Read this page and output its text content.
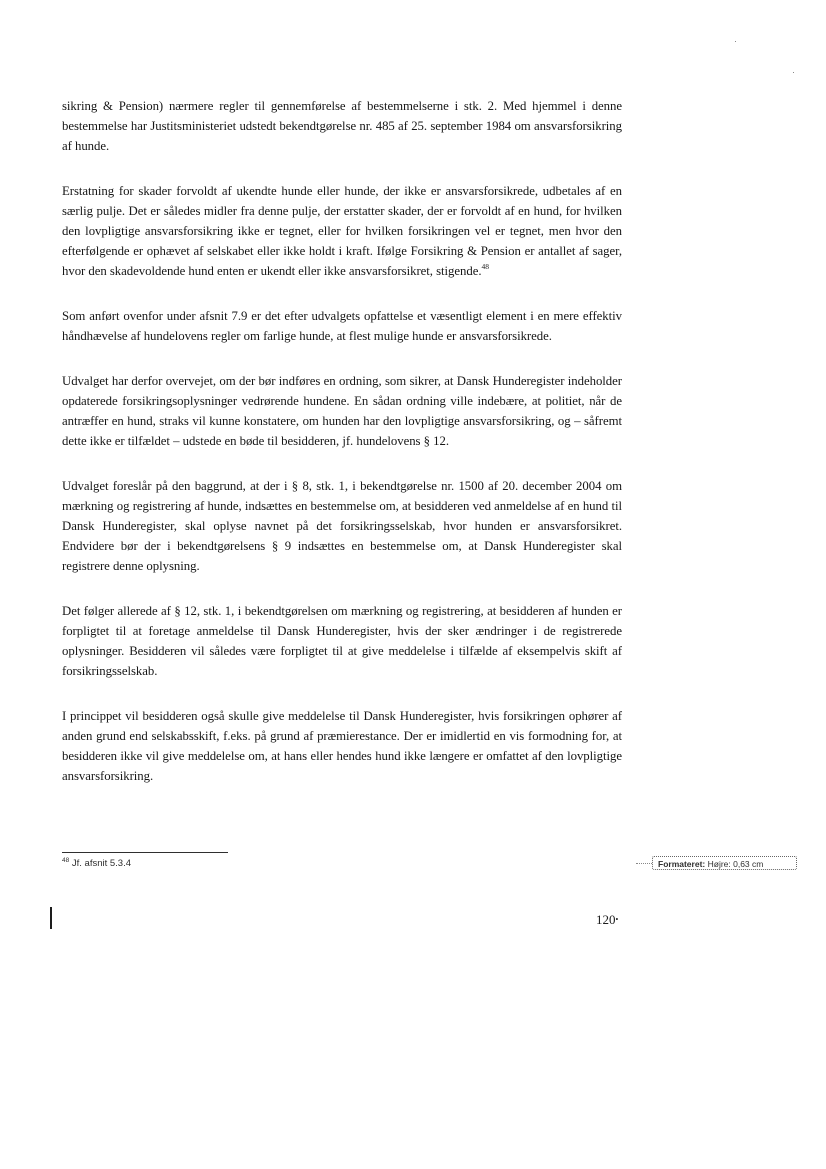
sikring & Pension) nærmere regler til gennemførelse af bestemmelserne i stk. 2. Med hjemmel i denne bestemmelse har Justitsministeriet udstedt bekendtgørelse nr. 485 af 25. september 1984 om ansvarsforsikring af hunde.

Erstatning for skader forvoldt af ukendte hunde eller hunde, der ikke er ansvarsforsikrede, udbetales af en særlig pulje. Det er således midler fra denne pulje, der erstatter skader, der er forvoldt af en hund, for hvilken den lovpligtige ansvarsforsikring ikke er tegnet, eller for hvilken forsikringen vel er tegnet, men hvor den efterfølgende er ophævet af selskabet eller ikke holdt i kraft. Ifølge Forsikring & Pension er antallet af sager, hvor den skadevoldende hund enten er ukendt eller ikke ansvarsforsikret, stigende.$^{48}$

Som anført ovenfor under afsnit 7.9 er det efter udvalgets opfattelse et væsentligt element i en mere effektiv håndhævelse af hundelovens regler om farlige hunde, at flest mulige hunde er ansvarsforsikrede.

Udvalget har derfor overvejet, om der bør indføres en ordning, som sikrer, at Dansk Hunderegister indeholder opdaterede forsikringsoplysninger vedrørende hundene. En sådan ordning ville indebære, at politiet, når de antræffer en hund, straks vil kunne konstatere, om hunden har den lovpligtige ansvarsforsikring, og – såfremt dette ikke er tilfældet – udstede en bøde til besidderen, jf. hundelovens § 12.

Udvalget foreslår på den baggrund, at der i § 8, stk. 1, i bekendtgørelse nr. 1500 af 20. december 2004 om mærkning og registrering af hunde, indsættes en bestemmelse om, at besidderen ved anmeldelse af en hund til Dansk Hunderegister, skal oplyse navnet på det forsikringsselskab, hvor hunden er ansvarsforsikret. Endvidere bør der i bekendtgørelsens § 9 indsættes en bestemmelse om, at Dansk Hunderegister skal registrere denne oplysning.

Det følger allerede af § 12, stk. 1, i bekendtgørelsen om mærkning og registrering, at besidderen af hunden er forpligtet til at foretage anmeldelse til Dansk Hunderegister, hvis der sker ændringer i de registrerede oplysninger. Besidderen vil således være forpligtet til at give meddelelse i tilfælde af eksempelvis skift af forsikringsselskab.

I princippet vil besidderen også skulle give meddelelse til Dansk Hunderegister, hvis forsikringen ophører af anden grund end selskabsskift, f.eks. på grund af præmierestance. Der er imidlertid en vis formodning for, at besidderen ikke vil give meddelelse om, at hans eller hendes hund ikke længere er omfattet af den lovpligtige ansvarsforsikring.

$^{48}$ Jf. afsnit 5.3.4	Formateret: Højre: 0,63 cm
120•
